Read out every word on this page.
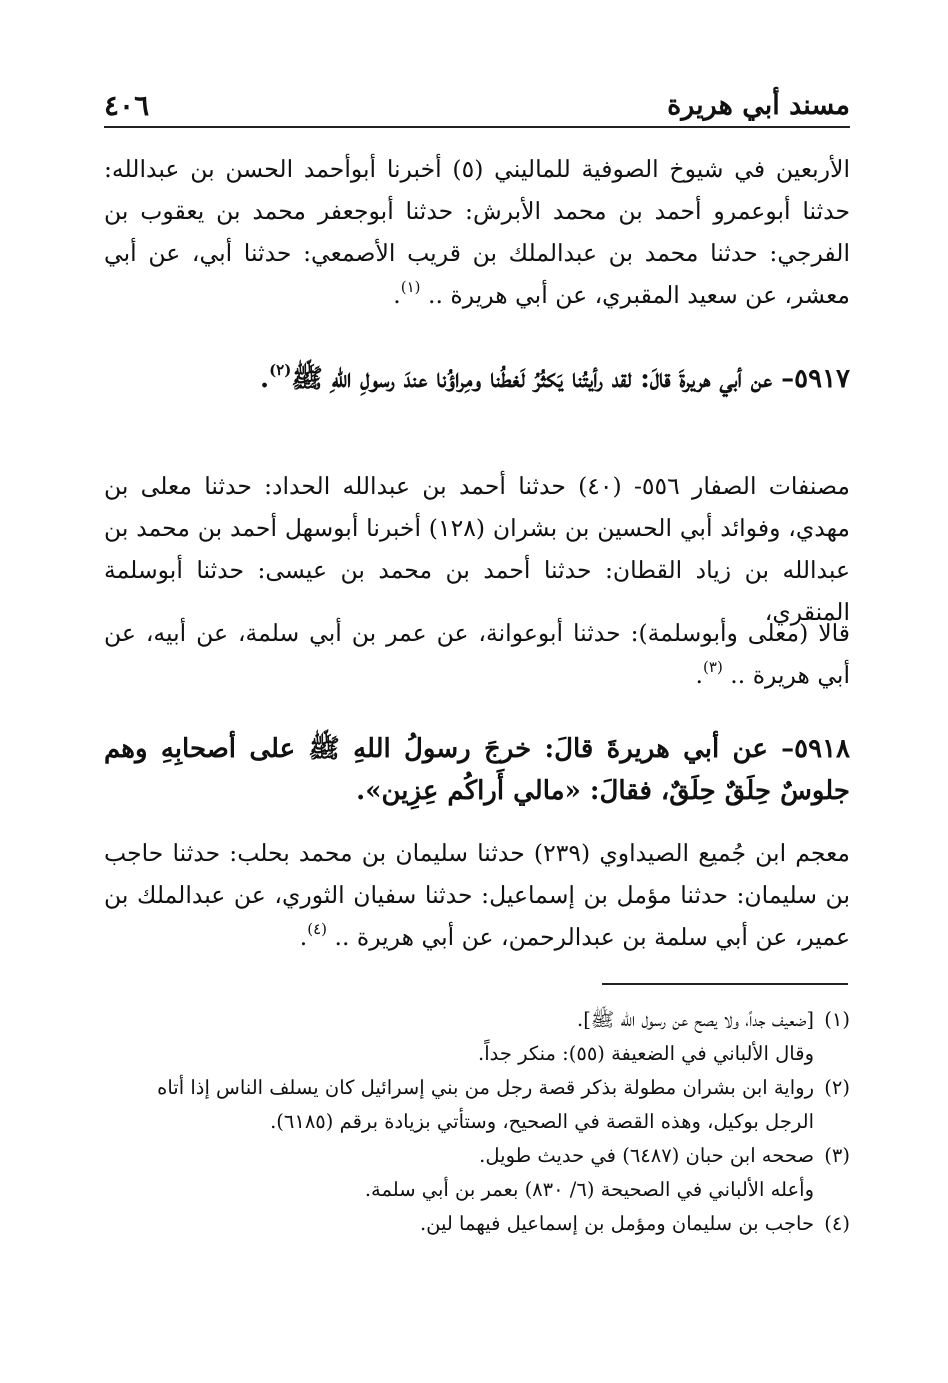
مسند أبي هريرة
٤٠٦
الأربعين في شيوخ الصوفية للماليني (٥) أخبرنا أبوأحمد الحسن بن عبدالله: حدثنا أبوعمرو أحمد بن محمد الأبرش: حدثنا أبوجعفر محمد بن يعقوب بن الفرجي: حدثنا محمد بن عبدالملك بن قريب الأصمعي: حدثنا أبي، عن أبي معشر، عن سعيد المقبري، عن أبي هريرة .. $^{(١)}$.
٥٩١٧– عن أبي هريرةَ قالَ: لقد رأيتُنا يَكثُرُ لَغطُنا ومِراؤُنا عندَ رسولِ اللهِ ﷺ$^{(٢)}$.
مصنفات الصفار ٥٥٦- (٤٠) حدثنا أحمد بن عبدالله الحداد: حدثنا معلى بن مهدي، وفوائد أبي الحسين بن بشران (١٢٨) أخبرنا أبوسهل أحمد بن محمد بن عبدالله بن زياد القطان: حدثنا أحمد بن محمد بن عيسى: حدثنا أبوسلمة المنقري،
قالا (معلى وأبوسلمة): حدثنا أبوعوانة، عن عمر بن أبي سلمة، عن أبيه، عن أبي هريرة .. $^{(٣)}$.
٥٩١٨– عن أبي هريرةَ قالَ: خرجَ رسولُ اللهِ ﷺ على أصحابِهِ وهم جلوسٌ حِلَقٌ حِلَقٌ، فقالَ: «مالي أَراكُم عِزِين».
معجم ابن جُميع الصيداوي (٢٣٩) حدثنا سليمان بن محمد بحلب: حدثنا حاجب بن سليمان: حدثنا مؤمل بن إسماعيل: حدثنا سفيان الثوري، عن عبدالملك بن عمير، عن أبي سلمة بن عبدالرحمن، عن أبي هريرة .. $^{(٤)}$.
(١)
[ضعيف جداً، ولا يصح عن رسول الله ﷺ].
وقال الألباني في الضعيفة (٥٥): منكر جداً.
(٢)
رواية ابن بشران مطولة بذكر قصة رجل من بني إسرائيل كان يسلف الناس إذا أتاه الرجل بوكيل، وهذه القصة في الصحيح، وستأتي بزيادة برقم (٦١٨٥).
(٣)
صححه ابن حبان (٦٤٨٧) في حديث طويل.
وأعله الألباني في الصحيحة (٦/ ٨٣٠) بعمر بن أبي سلمة.
(٤)
حاجب بن سليمان ومؤمل بن إسماعيل فيهما لين.
